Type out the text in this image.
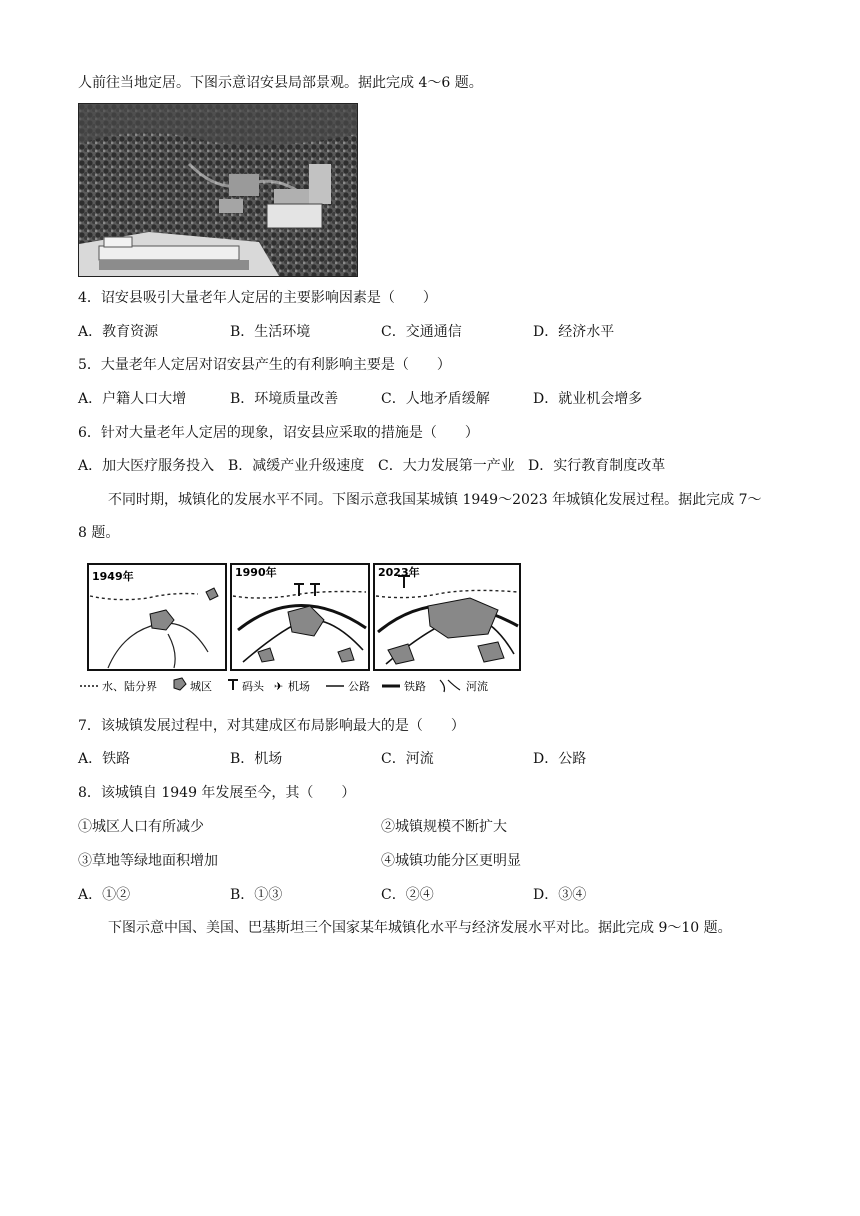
人前往当地定居。下图示意诏安县局部景观。据此完成 4～6 题。
4．诏安县吸引大量老年人定居的主要影响因素是（　　）
A．教育资源	B．生活环境	C．交通通信	D．经济水平
5．大量老年人定居对诏安县产生的有利影响主要是（　　）
A．户籍人口大增	B．环境质量改善	C．人地矛盾缓解	D．就业机会增多
6．针对大量老年人定居的现象，诏安县应采取的措施是（　　）
A．加大医疗服务投入 B．减缓产业升级速度 C．大力发展第一产业 D．实行教育制度改革
不同时期，城镇化的发展水平不同。下图示意我国某城镇 1949～2023 年城镇化发展过程。据此完成 7～
8 题。
1949年	1990年	2023年
水、陆分界	城区	码头 ✈ 机场	公路	铁路	河流
7．该城镇发展过程中，对其建成区布局影响最大的是（　　）
A．铁路	B．机场	C．河流	D．公路
8．该城镇自 1949 年发展至今，其（　　）
①城区人口有所减少	②城镇规模不断扩大
③草地等绿地面积增加	④城镇功能分区更明显
A．①②	B．①③	C．②④	D．③④
下图示意中国、美国、巴基斯坦三个国家某年城镇化水平与经济发展水平对比。据此完成 9～10 题。
